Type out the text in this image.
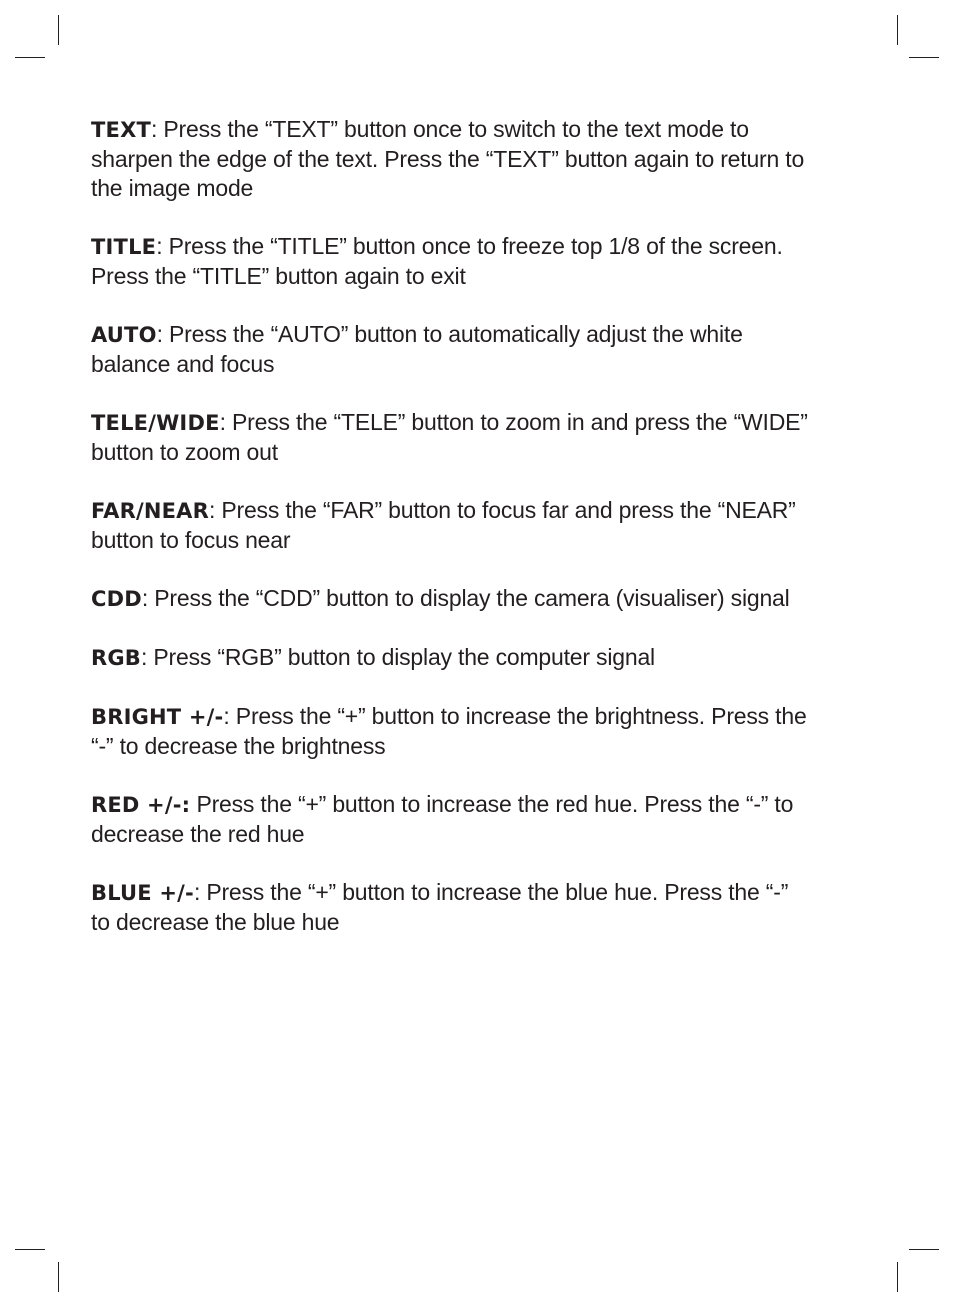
TEXT: Press the “TEXT” button once to switch to the text mode to
sharpen the edge of the text. Press the “TEXT” button again to return to
the image mode

TITLE: Press the “TITLE” button once to freeze top 1/8 of the screen.
Press the “TITLE” button again to exit

AUTO: Press the “AUTO” button to automatically adjust the white
balance and focus

TELE/WIDE: Press the “TELE” button to zoom in and press the “WIDE”
button to zoom out

FAR/NEAR: Press the “FAR” button to focus far and press the “NEAR”
button to focus near

CDD: Press the “CDD” button to display the camera (visualiser) signal

RGB: Press “RGB” button to display the computer signal

BRIGHT +/-: Press the “+” button to increase the brightness. Press the
“-” to decrease the brightness

RED +/-: Press the “+” button to increase the red hue. Press the “-” to
decrease the red hue

BLUE +/-: Press the “+” button to increase the blue hue. Press the “-”
to decrease the blue hue
